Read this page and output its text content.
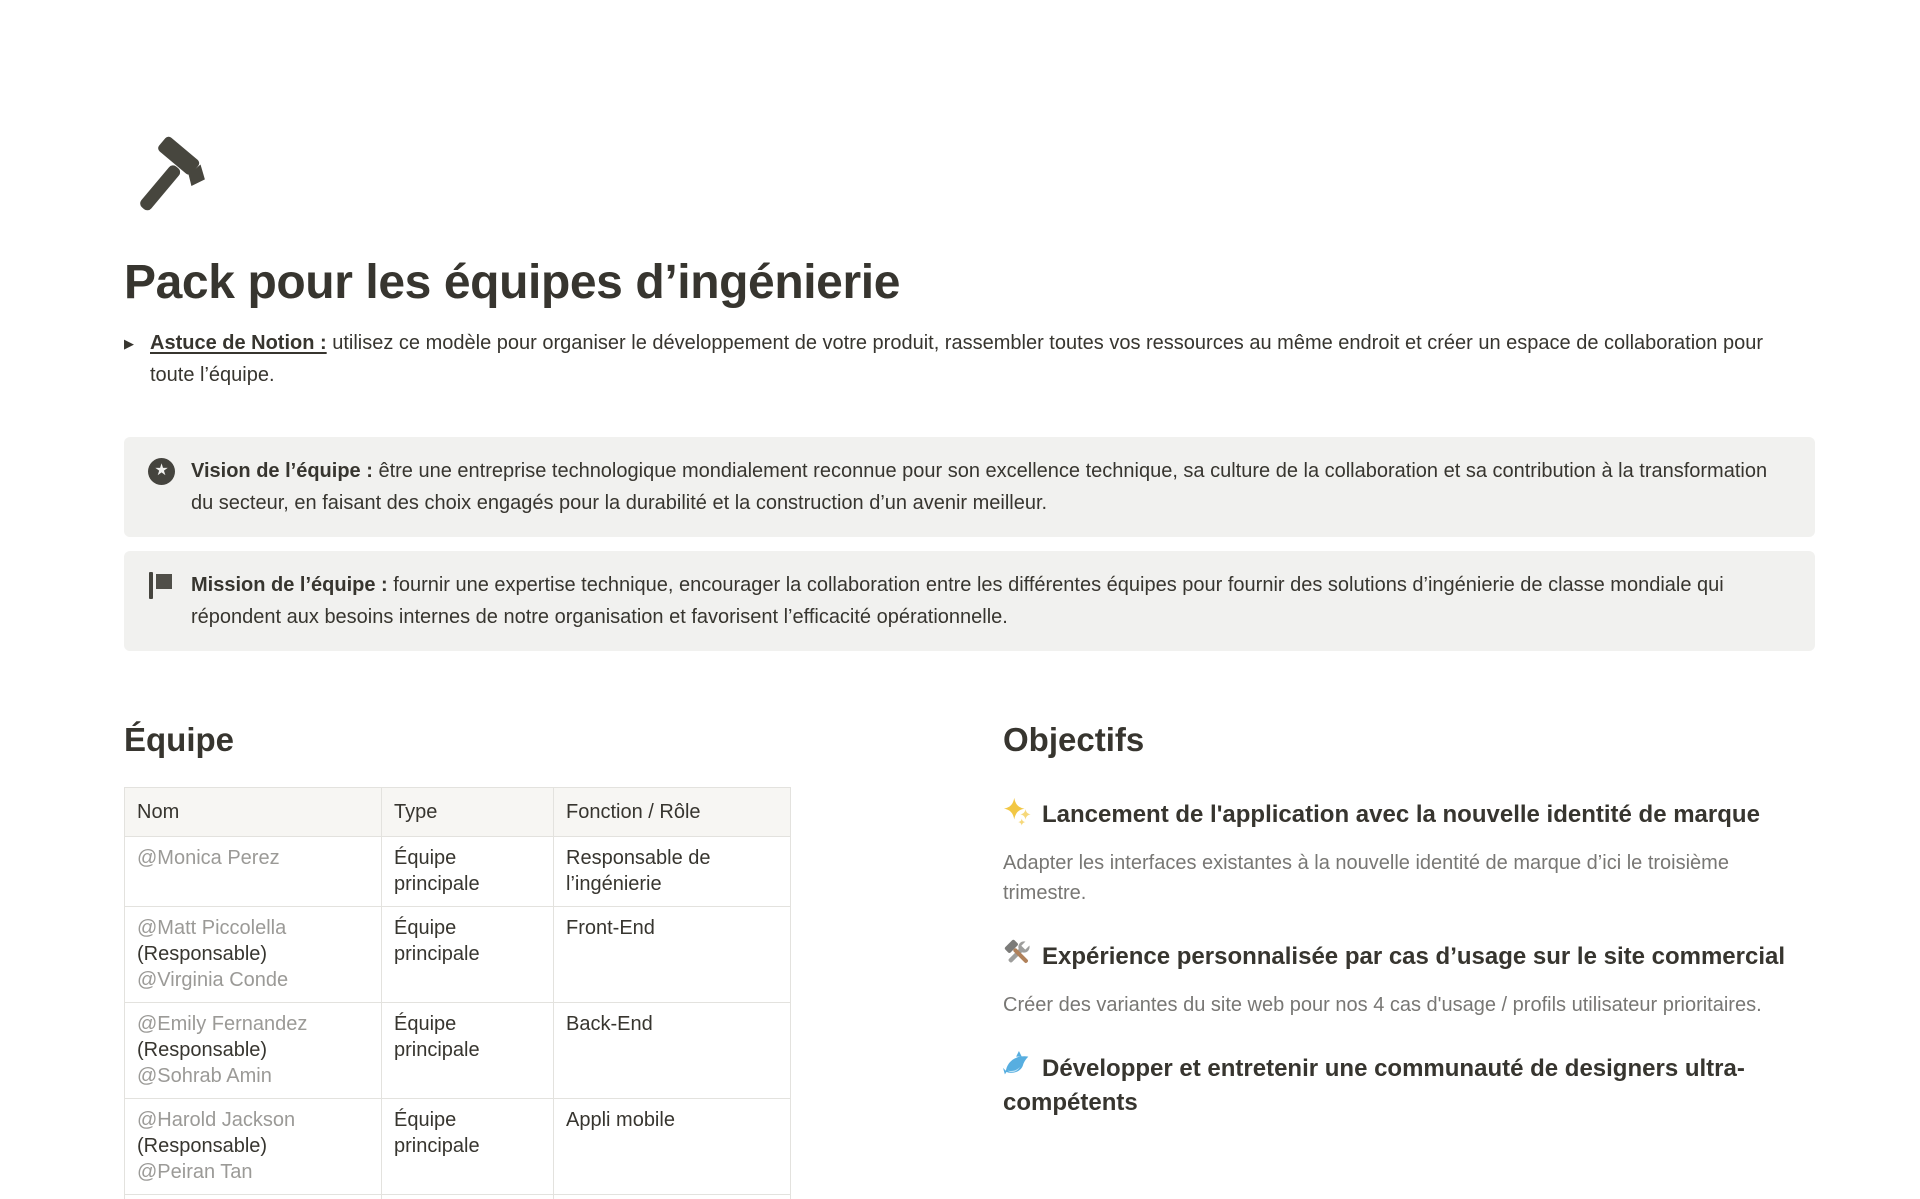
Pack pour les équipes d’ingénierie
▶ Astuce de Notion : utilisez ce modèle pour organiser le développement de votre produit, rassembler toutes vos ressources au même endroit et créer un espace de collaboration pour toute l’équipe.
★	Vision de l’équipe : être une entreprise technologique mondialement reconnue pour son excellence technique, sa culture de la collaboration et sa contribution à la transformation du secteur, en faisant des choix engagés pour la durabilité et la construction d’un avenir meilleur.
Mission de l’équipe : fournir une expertise technique, encourager la collaboration entre les différentes équipes pour fournir des solutions d’ingénierie de classe mondiale qui répondent aux besoins internes de notre organisation et favorisent l’efficacité opérationnelle.
Équipe
Nom	Type	Fonction / Rôle

@Monica Perez	Équipe principale	Responsable de l’ingénierie

@Matt Piccolella
(Responsable)
@Virginia Conde	Équipe principale	Front-End

@Emily Fernandez
(Responsable)
@Sohrab Amin	Équipe principale	Back-End

@Harold Jackson
(Responsable)
@Peiran Tan	Équipe principale	Appli mobile

Objectifs
Lancement de l'application avec la nouvelle identité de marque

Adapter les interfaces existantes à la nouvelle identité de marque d’ici le troisième trimestre.

Expérience personnalisée par cas d’usage sur le site commercial

Créer des variantes du site web pour nos 4 cas d'usage / profils utilisateur prioritaires.

Développer et entretenir une communauté de designers ultra-compétents
